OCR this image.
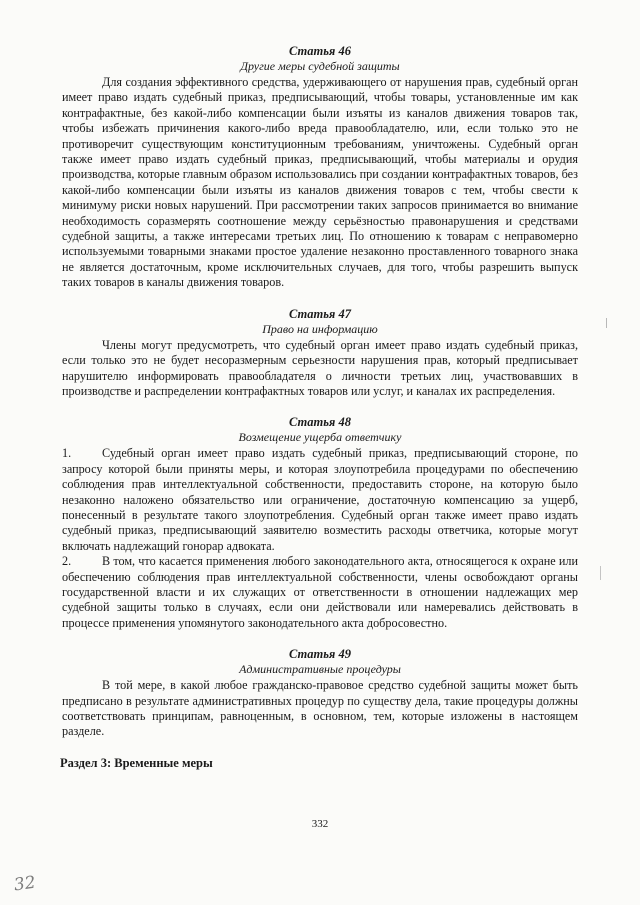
Статья 46
Другие меры судебной защиты

Для создания эффективного средства, удерживающего от нарушения прав, судебный орган имеет право издать судебный приказ, предписывающий, чтобы товары, установленные им как контрафактные, без какой-либо компенсации были изъяты из каналов движения товаров так, чтобы избежать причинения какого-либо вреда правообладателю, или, если только это не противоречит существующим конституционным требованиям, уничтожены. Судебный орган также имеет право издать судебный приказ, предписывающий, чтобы материалы и орудия производства, которые главным образом использовались при создании контрафактных товаров, без какой-либо компенсации были изъяты из каналов движения товаров с тем, чтобы свести к минимуму риски новых нарушений. При рассмотрении таких запросов принимается во внимание необходимость соразмерять соотношение между серьёзностью правонарушения и средствами судебной защиты, а также интересами третьих лиц. По отношению к товарам с неправомерно используемыми товарными знаками простое удаление незаконно проставленного товарного знака не является достаточным, кроме исключительных случаев, для того, чтобы разрешить выпуск таких товаров в каналы движения товаров.

Статья 47
Право на информацию

Члены могут предусмотреть, что судебный орган имеет право издать судебный приказ, если только это не будет несоразмерным серьезности нарушения прав, который предписывает нарушителю информировать правообладателя о личности третьих лиц, участвовавших в производстве и распределении контрафактных товаров или услуг, и каналах их распределения.

Статья 48
Возмещение ущерба ответчику

1.	Судебный орган имеет право издать судебный приказ, предписывающий стороне, по запросу которой были приняты меры, и которая злоупотребила процедурами по обеспечению соблюдения прав интеллектуальной собственности, предоставить стороне, на которую было незаконно наложено обязательство или ограничение, достаточную компенсацию за ущерб, понесенный в результате такого злоупотребления. Судебный орган также имеет право издать судебный приказ, предписывающий заявителю возместить расходы ответчика, которые могут включать надлежащий гонорар адвоката.

2.	В том, что касается применения любого законодательного акта, относящегося к охране или обеспечению соблюдения прав интеллектуальной собственности, члены освобождают органы государственной власти и их служащих от ответственности в отношении надлежащих мер судебной защиты только в случаях, если они действовали или намеревались действовать в процессе применения упомянутого законодательного акта добросовестно.

Статья 49
Административные процедуры

В той мере, в какой любое гражданско-правовое средство судебной защиты может быть предписано в результате административных процедур по существу дела, такие процедуры должны соответствовать принципам, равноценным, в основном, тем, которые изложены в настоящем разделе.

Раздел 3: Временные меры
332
32
